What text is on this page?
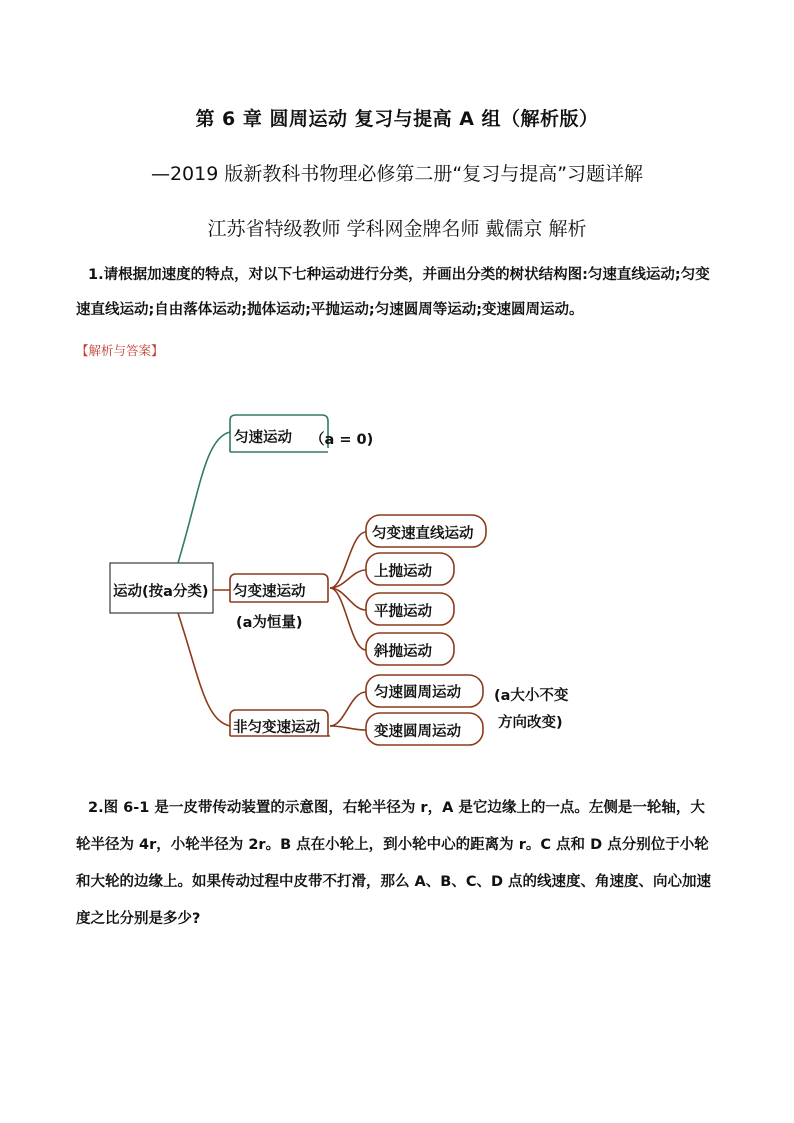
第 6 章 圆周运动 复习与提高 A 组（解析版）
—2019 版新教科书物理必修第二册“复习与提高”习题详解
江苏省特级教师 学科网金牌名师 戴儒京 解析
1.请根据加速度的特点，对以下七种运动进行分类，并画出分类的树状结构图:匀速直线运动;匀变速直线运动;自由落体运动;抛体运动;平抛运动;匀速圆周等运动;变速圆周运动。
【解析与答案】
运动(按a分类)
匀速运动 （a = 0)
匀变速运动
(a为恒量)
非匀变速运动
匀变速直线运动
上抛运动
平抛运动
斜抛运动
匀速圆周运动
变速圆周运动
(a大小不变
方向改变)
2.图 6-1 是一皮带传动装置的示意图，右轮半径为 r，A 是它边缘上的一点。左侧是一轮轴，大轮半径为 4r，小轮半径为 2r。B 点在小轮上，到小轮中心的距离为 r。C 点和 D 点分别位于小轮和大轮的边缘上。如果传动过程中皮带不打滑，那么 A、B、C、D 点的线速度、角速度、向心加速度之比分别是多少?
